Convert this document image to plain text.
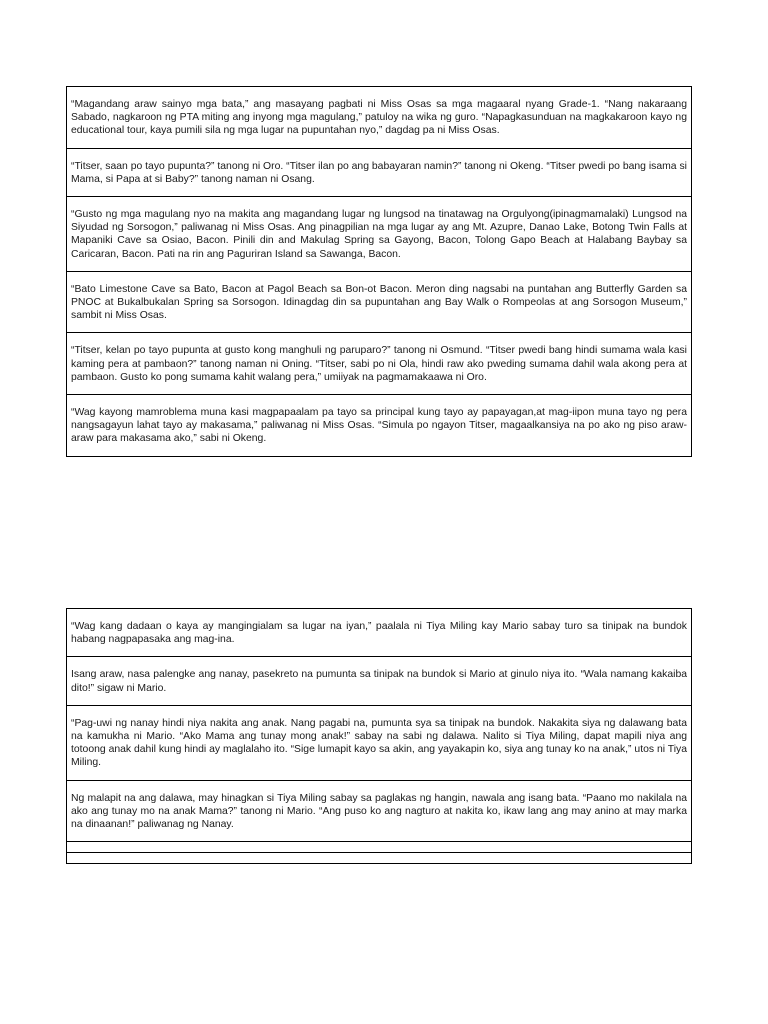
“Magandang araw sainyo mga bata,” ang masayang pagbati ni Miss Osas sa mga magaaral nyang Grade-1. “Nang nakaraang Sabado, nagkaroon ng PTA miting ang inyong mga magulang,” patuloy na wika ng guro. “Napagkasunduan na magkakaroon kayo ng educational tour, kaya pumili sila ng mga lugar na pupuntahan nyo,” dagdag pa ni Miss Osas.
“Titser, saan po tayo pupunta?” tanong ni Oro. “Titser ilan po ang babayaran namin?” tanong ni Okeng. “Titser pwedi po bang isama si Mama, si Papa at si Baby?” tanong naman ni Osang.
“Gusto ng mga magulang nyo na makita ang magandang lugar ng lungsod na tinatawag na Orgulyong(ipinagmamalaki) Lungsod na Siyudad ng Sorsogon,” paliwanag ni Miss Osas. Ang pinagpilian na mga lugar ay ang Mt. Azupre, Danao Lake, Botong Twin Falls at Mapaniki Cave sa Osiao, Bacon. Pinili din and Makulag Spring sa Gayong, Bacon, Tolong Gapo Beach at Halabang Baybay sa Caricaran, Bacon. Pati na rin ang Paguriran Island sa Sawanga, Bacon.
“Bato Limestone Cave sa Bato, Bacon at Pagol Beach sa Bon-ot Bacon. Meron ding nagsabi na puntahan ang Butterfly Garden sa PNOC at Bukalbukalan Spring sa Sorsogon. Idinagdag din sa pupuntahan ang Bay Walk o Rompeolas at ang Sorsogon Museum,” sambit ni Miss Osas.
“Titser, kelan po tayo pupunta at gusto kong manghuli ng paruparo?” tanong ni Osmund. “Titser pwedi bang hindi sumama wala kasi kaming pera at pambaon?” tanong naman ni Oning. “Titser, sabi po ni Ola, hindi raw ako pweding sumama dahil wala akong pera at pambaon. Gusto ko pong sumama kahit walang pera,” umiiyak na pagmamakaawa ni Oro.
“Wag kayong mamroblema muna kasi magpapaalam pa tayo sa principal kung tayo ay papayagan,at mag-iipon muna tayo ng pera nangsagayun lahat tayo ay makasama,” paliwanag ni Miss Osas. “Simula po ngayon Titser, magaalkansiya na po ako ng piso araw-araw para makasama ako,” sabi ni Okeng.
“Wag kang dadaan o kaya ay mangingialam sa lugar na iyan,” paalala ni Tiya Miling kay Mario sabay turo sa tinipak na bundok habang nagpapasaka ang mag-ina.
Isang araw, nasa palengke ang nanay, pasekreto na pumunta sa tinipak na bundok si Mario at ginulo niya ito. “Wala namang kakaiba dito!” sigaw ni Mario.
“Pag-uwi ng nanay hindi niya nakita ang anak. Nang pagabi na, pumunta sya sa tinipak na bundok. Nakakita siya ng dalawang bata na kamukha ni Mario. “Ako Mama ang tunay mong anak!” sabay na sabi ng dalawa. Nalito si Tiya Miling, dapat mapili niya ang totoong anak dahil kung hindi ay maglalaho ito. “Sige lumapit kayo sa akin, ang yayakapin ko, siya ang tunay ko na anak,” utos ni Tiya Miling.
Ng malapit na ang dalawa, may hinagkan si Tiya Miling sabay sa paglakas ng hangin, nawala ang isang bata. “Paano mo nakilala na ako ang tunay mo na anak Mama?” tanong ni Mario. “Ang puso ko ang nagturo at nakita ko, ikaw lang ang may anino at may marka na dinaanan!” paliwanag ng Nanay.
